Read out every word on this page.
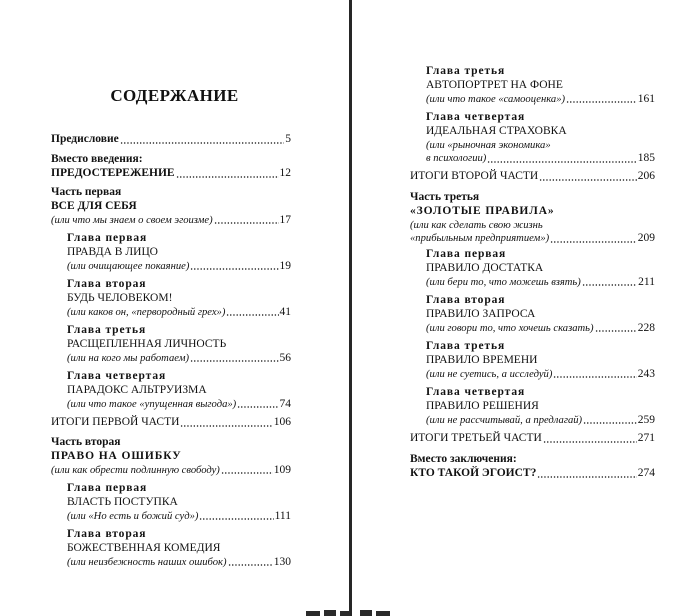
СОДЕРЖАНИЕ
Предисловие	5
Вместо введения:
ПРЕДОСТЕРЕЖЕНИЕ	12
Часть первая
ВСЕ ДЛЯ СЕБЯ
(или что мы знаем о своем эгоизме)	17
Глава первая
ПРАВДА В ЛИЦО
(или очищающее покаяние)	19
Глава вторая
БУДЬ ЧЕЛОВЕКОМ!
(или каков он, «первородный грех»)	41
Глава третья
РАСЩЕПЛЕННАЯ ЛИЧНОСТЬ
(или на кого мы работаем)	56
Глава четвертая
ПАРАДОКС АЛЬТРУИЗМА
(или что такое «упущенная выгода»)	74
ИТОГИ ПЕРВОЙ ЧАСТИ	106
Часть вторая
ПРАВО НА ОШИБКУ
(или как обрести подлинную свободу)	109
Глава первая
ВЛАСТЬ ПОСТУПКА
(или «Но есть и божий суд»)	111
Глава вторая
БОЖЕСТВЕННАЯ КОМЕДИЯ
(или неизбежность наших ошибок)	130
Глава третья
АВТОПОРТРЕТ НА ФОНЕ
(или что такое «самооценка»)	161
Глава четвертая
ИДЕАЛЬНАЯ СТРАХОВКА
(или «рыночная экономика»
в психологии)	185
ИТОГИ ВТОРОЙ ЧАСТИ	206
Часть третья
«ЗОЛОТЫЕ ПРАВИЛА»
(или как сделать свою жизнь
«прибыльным предприятием»)	209
Глава первая
ПРАВИЛО ДОСТАТКА
(или бери то, что можешь взять)	211
Глава вторая
ПРАВИЛО ЗАПРОСА
(или говори то, что хочешь сказать)	228
Глава третья
ПРАВИЛО ВРЕМЕНИ
(или не суетись, а исследуй)	243
Глава четвертая
ПРАВИЛО РЕШЕНИЯ
(или не рассчитывай, а предлагай)	259
ИТОГИ ТРЕТЬЕЙ ЧАСТИ	271
Вместо заключения:
КТО ТАКОЙ ЭГОИСТ?	274
